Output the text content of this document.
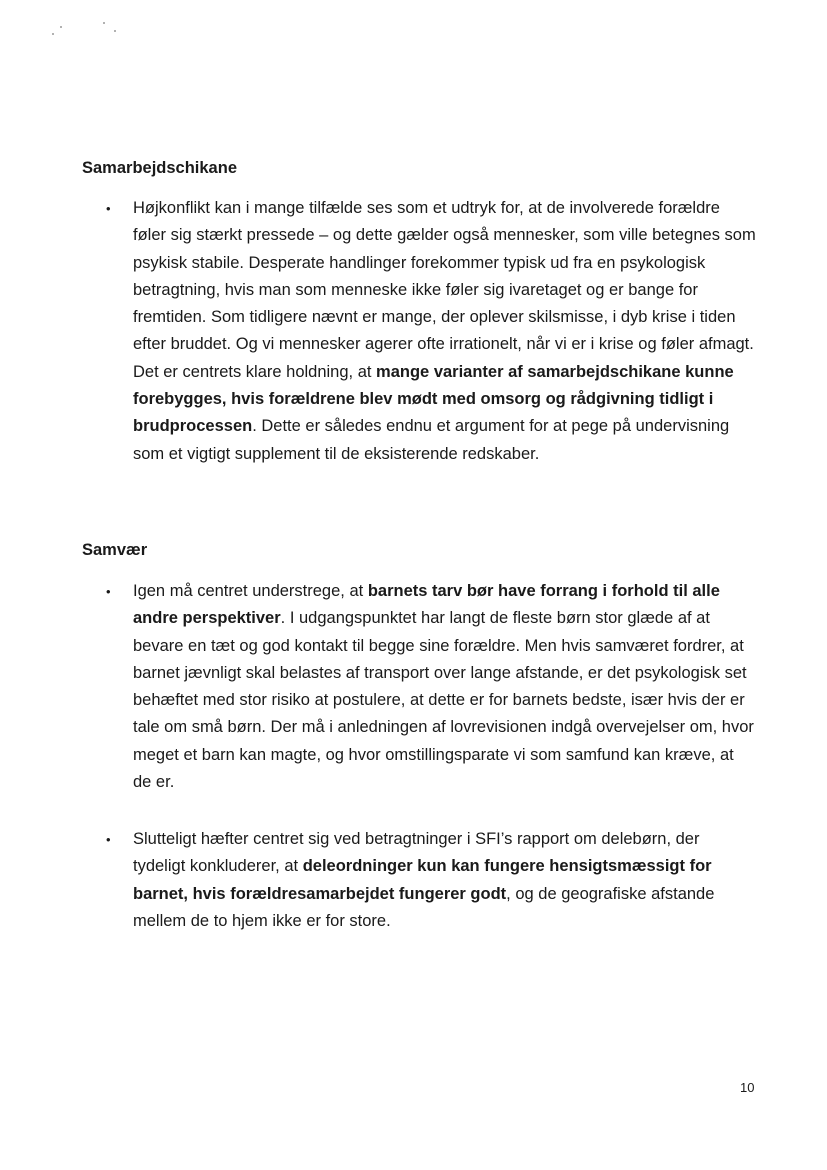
Samarbejdschikane
•	Højkonflikt kan i mange tilfælde ses som et udtryk for, at de involverede forældre føler sig stærkt pressede – og dette gælder også mennesker, som ville betegnes som psykisk stabile. Desperate handlinger forekommer typisk ud fra en psykologisk betragtning, hvis man som menneske ikke føler sig ivaretaget og er bange for fremtiden. Som tidligere nævnt er mange, der oplever skilsmisse, i dyb krise i tiden efter bruddet. Og vi mennesker agerer ofte irrationelt, når vi er i krise og føler afmagt. Det er centrets klare holdning, at mange varianter af samarbejdschikane kunne forebygges, hvis forældrene blev mødt med omsorg og rådgivning tidligt i brudprocessen. Dette er således endnu et argument for at pege på undervisning som et vigtigt supplement til de eksisterende redskaber.

Samvær
•	Igen må centret understrege, at barnets tarv bør have forrang i forhold til alle andre perspektiver. I udgangspunktet har langt de fleste børn stor glæde af at bevare en tæt og god kontakt til begge sine forældre. Men hvis samværet fordrer, at barnet jævnligt skal belastes af transport over lange afstande, er det psykologisk set behæftet med stor risiko at postulere, at dette er for barnets bedste, især hvis der er tale om små børn. Der må i anledningen af lovrevisionen indgå overvejelser om, hvor meget et barn kan magte, og hvor omstillingsparate vi som samfund kan kræve, at de er.

•	Slutteligt hæfter centret sig ved betragtninger i SFI’s rapport om delebørn, der tydeligt konkluderer, at deleordninger kun kan fungere hensigtsmæssigt for barnet, hvis forældresamarbejdet fungerer godt, og de geografiske afstande mellem de to hjem ikke er for store.

10
